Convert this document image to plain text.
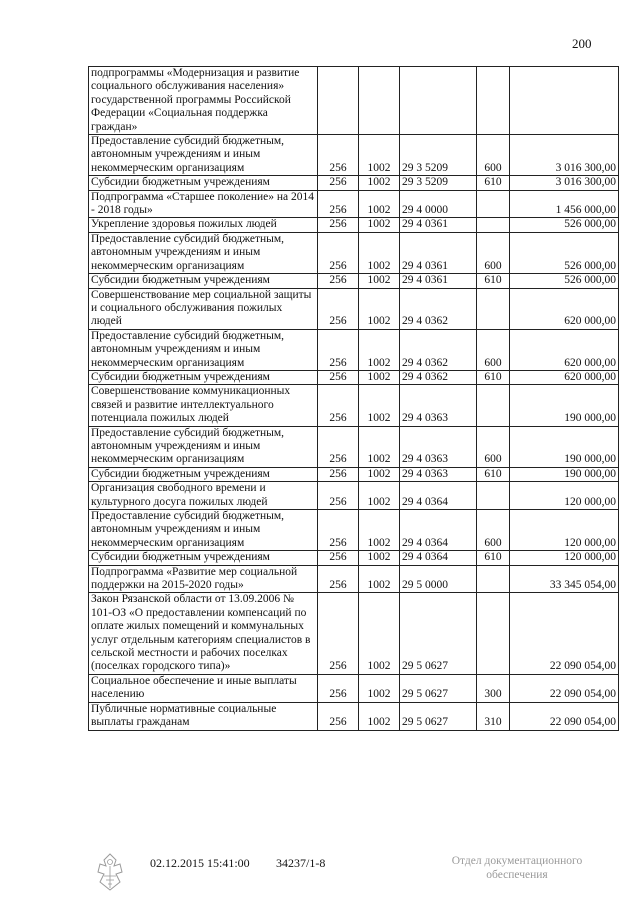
200
подпрограммы «Модернизация и развитие социального обслуживания населения» государственной программы Российской Федерации «Социальная поддержка граждан»					
Предоставление субсидий бюджетным, автономным учреждениям и иным некоммерческим организациям	256	1002	29 3 5209	600	3 016 300,00
Субсидии бюджетным учреждениям	256	1002	29 3 5209	610	3 016 300,00
Подпрограмма «Старшее поколение» на 2014 - 2018 годы»	256	1002	29 4 0000		1 456 000,00
Укрепление здоровья пожилых людей	256	1002	29 4 0361		526 000,00
Предоставление субсидий бюджетным, автономным учреждениям и иным некоммерческим организациям	256	1002	29 4 0361	600	526 000,00
Субсидии бюджетным учреждениям	256	1002	29 4 0361	610	526 000,00
Совершенствование мер социальной защиты и социального обслуживания пожилых людей	256	1002	29 4 0362		620 000,00
Предоставление субсидий бюджетным, автономным учреждениям и иным некоммерческим организациям	256	1002	29 4 0362	600	620 000,00
Субсидии бюджетным учреждениям	256	1002	29 4 0362	610	620 000,00
Совершенствование коммуникационных связей и развитие интеллектуального потенциала пожилых людей	256	1002	29 4 0363		190 000,00
Предоставление субсидий бюджетным, автономным учреждениям и иным некоммерческим организациям	256	1002	29 4 0363	600	190 000,00
Субсидии бюджетным учреждениям	256	1002	29 4 0363	610	190 000,00
Организация свободного времени и культурного досуга пожилых людей	256	1002	29 4 0364		120 000,00
Предоставление субсидий бюджетным, автономным учреждениям и иным некоммерческим организациям	256	1002	29 4 0364	600	120 000,00
Субсидии бюджетным учреждениям	256	1002	29 4 0364	610	120 000,00
Подпрограмма «Развитие мер социальной поддержки на 2015-2020 годы»	256	1002	29 5 0000		33 345 054,00
Закон Рязанской области от 13.09.2006 № 101-ОЗ «О предоставлении компенсаций по оплате жилых помещений и коммунальных услуг отдельным категориям специалистов в сельской местности и рабочих поселках (поселках городского типа)»	256	1002	29 5 0627		22 090 054,00
Социальное обеспечение и иные выплаты населению	256	1002	29 5 0627	300	22 090 054,00
Публичные нормативные социальные выплаты гражданам	256	1002	29 5 0627	310	22 090 054,00
02.12.2015 15:41:00 34237/1-8	Отдел документационного
обеспечения
